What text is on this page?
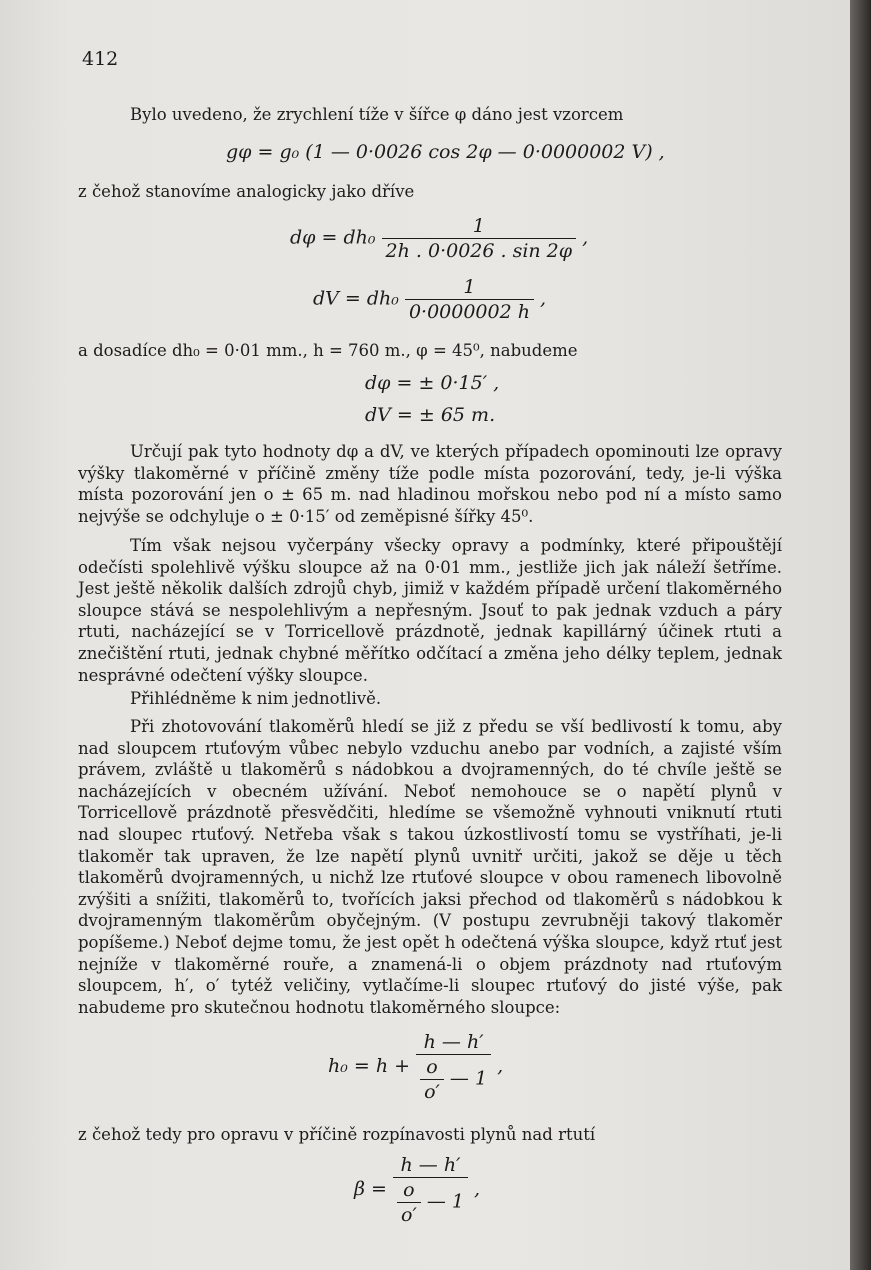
412
Bylo uvedeno, že zrychlení tíže v šířce φ dáno jest vzorcem
gφ = g₀ (1 — 0·0026 cos 2φ — 0·0000002 V) ,
z čehož stanovíme analogicky jako dříve
$d\varphi = dh_0 \frac{1}{2h . 0\cdot 0026 . \sin 2\varphi}$ ,
dV = $dh_0 \frac{1}{0\cdot 0000002 h}$ ,
a dosadíce dh₀ = 0·01 mm., h = 760 m., φ = 45⁰, nabudeme
dφ = ± 0·15′ ,
dV = ± 65 m.
Určují pak tyto hodnoty dφ a dV, ve kterých případech opominouti lze opravy výšky tlakoměrné v příčině změny tíže podle místa pozorování, tedy, je-li výška místa pozorování jen o ± 65 m. nad hladinou mořskou nebo pod ní a místo samo nejvýše se odchyluje o ± 0·15′ od zeměpisné šířky 45⁰.
Tím však nejsou vyčerpány všecky opravy a podmínky, které připouštějí odečísti spolehlivě výšku sloupce až na 0·01 mm., jestliže jich jak náleží šetříme. Jest ještě několik dalších zdrojů chyb, jimiž v každém případě určení tlakoměrného sloupce stává se nespolehlivým a nepřesným. Jsouť to pak jednak vzduch a páry rtuti, nacházející se v Torricellově prázdnotě, jednak kapillárný účinek rtuti a znečištění rtuti, jednak chybné měřítko odčítací a změna jeho délky teplem, jednak nesprávné odečtení výšky sloupce.
Přihlédněme k nim jednotlivě.
Při zhotovování tlakoměrů hledí se již z předu se vší bedlivostí k tomu, aby nad sloupcem rtuťovým vůbec nebylo vzduchu anebo par vodních, a zajisté vším právem, zvláště u tlakoměrů s nádobkou a dvojramenných, do té chvíle ještě se nacházejících v obecném užívání. Neboť nemohouce se o napětí plynů v Torricellově prázdnotě přesvědčiti, hledíme se všemožně vyhnouti vniknutí rtuti nad sloupec rtuťový. Netřeba však s takou úzkostlivostí tomu se vystříhati, je-li tlakoměr tak upraven, že lze napětí plynů uvnitř určiti, jakož se děje u těch tlakoměrů dvojramenných, u nichž lze rtuťové sloupce v obou ramenech libovolně zvýšiti a snížiti, tlakoměrů to, tvořících jaksi přechod od tlakoměrů s nádobkou k dvojramenným tlakoměrům obyčejným. (V postupu zevrubněji takový tlakoměr popíšeme.) Neboť dejme tomu, že jest opět h odečtená výška sloupce, když rtuť jest nejníže v tlakoměrné rouře, a znamená-li o objem prázdnoty nad rtuťovým sloupcem, h′, o′ tytéž veličiny, vytlačíme-li sloupec rtuťový do jisté výše, pak nabudeme pro skutečnou hodnotu tlakoměrného sloupce:
$h_0 = h + \frac{h — h'}{\frac{o}{o'} — 1}$ ,
z čehož tedy pro opravu v příčině rozpínavosti plynů nad rtutí
$\beta = \frac{h — h'}{\frac{o}{o'} — 1}$ ,
